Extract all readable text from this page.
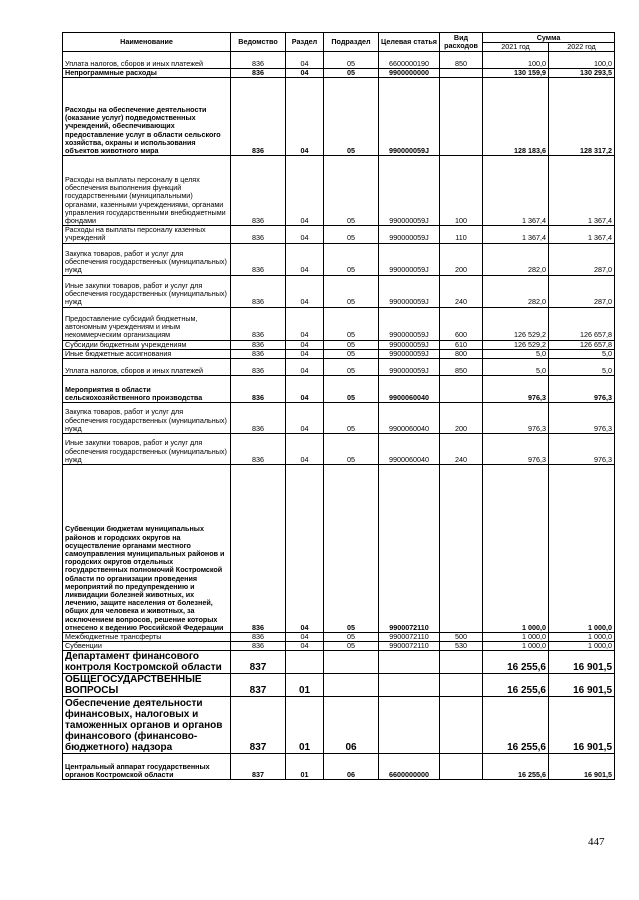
Наименование	Ведомство	Раздел	Подраздел	Целевая статья	Вид расходов	Сумма	
						2021 год	2022 год
Уплата налогов, сборов и иных платежей	836	04	05	6600000190	850	100,0	100,0
Непрограммные расходы	836	04	05	9900000000		130 159,9	130 293,5
Расходы на обеспечение деятельности (оказание услуг) подведомственных учреждений, обеспечивающих предоставление услуг в области сельского хозяйства, охраны и использования объектов животного мира	836	04	05	990000059J		128 183,6	128 317,2
Расходы на выплаты персоналу в целях обеспечения выполнения функций государственными (муниципальными) органами, казенными учреждениями, органами управления государственными внебюджетными фондами	836	04	05	990000059J	100	1 367,4	1 367,4
Расходы на выплаты персоналу казенных учреждений	836	04	05	990000059J	110	1 367,4	1 367,4
Закупка товаров, работ и услуг для обеспечения государственных (муниципальных) нужд	836	04	05	990000059J	200	282,0	287,0
Иные закупки товаров, работ и услуг для обеспечения государственных (муниципальных) нужд	836	04	05	990000059J	240	282,0	287,0
Предоставление субсидий бюджетным, автономным учреждениям и иным некоммерческим организациям	836	04	05	990000059J	600	126 529,2	126 657,8
Субсидии бюджетным учреждениям	836	04	05	990000059J	610	126 529,2	126 657,8
Иные бюджетные ассигнования	836	04	05	990000059J	800	5,0	5,0
Уплата налогов, сборов и иных платежей	836	04	05	990000059J	850	5,0	5,0
Мероприятия в области сельскохозяйственного производства	836	04	05	9900060040		976,3	976,3
Закупка товаров, работ и услуг для обеспечения государственных (муниципальных) нужд	836	04	05	9900060040	200	976,3	976,3
Иные закупки товаров, работ и услуг для обеспечения государственных (муниципальных) нужд	836	04	05	9900060040	240	976,3	976,3
Субвенции бюджетам муниципальных районов и городских округов на осуществление органами местного самоуправления муниципальных районов и городских округов отдельных государственных полномочий Костромской области по организации проведения мероприятий по предупреждению и ликвидации болезней животных, их лечению, защите населения от болезней, общих для человека и животных, за исключением вопросов, решение которых отнесено к ведению Российской Федерации	836	04	05	9900072110		1 000,0	1 000,0
Межбюджетные трансферты	836	04	05	9900072110	500	1 000,0	1 000,0
Субвенции	836	04	05	9900072110	530	1 000,0	1 000,0
Департамент финансового контроля Костромской области	837					16 255,6	16 901,5
ОБЩЕГОСУДАРСТВЕННЫЕ ВОПРОСЫ	837	01				16 255,6	16 901,5
Обеспечение деятельности финансовых, налоговых и таможенных органов и органов финансового (финансово-бюджетного) надзора	837	01	06			16 255,6	16 901,5
Центральный аппарат государственных органов Костромской области	837	01	06	6600000000		16 255,6	16 901,5
447
